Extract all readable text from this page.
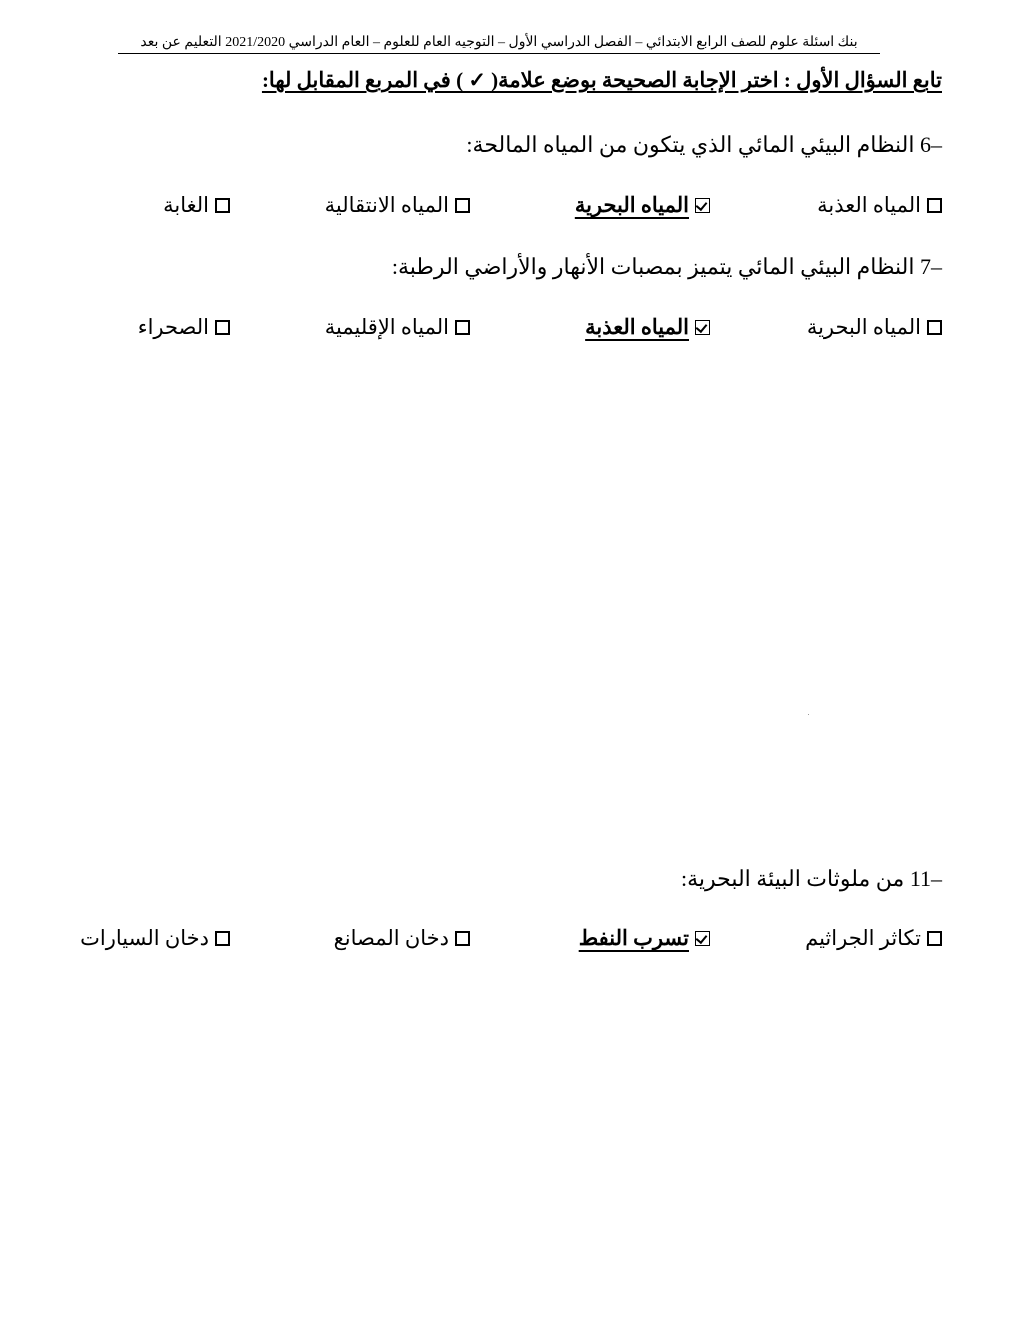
بنك اسئلة علوم للصف الرابع الابتدائي – الفصل الدراسي الأول – التوجيه العام للعلوم – العام الدراسي 2021/2020 التعليم عن بعد
تابع السؤال الأول : اختر الإجابة الصحيحة بوضع علامة( ✓ ) في المربع المقابل لها:
6– النظام البيئي المائي الذي يتكون من المياه المالحة:
المياه العذبة
المياه البحرية
المياه الانتقالية
الغابة
7– النظام البيئي المائي يتميز بمصبات الأنهار والأراضي الرطبة:
المياه البحرية
المياه العذبة
المياه الإقليمية
الصحراء
11– من ملوثات البيئة البحرية:
تكاثر الجراثيم
تسرب النفط
دخان المصانع
دخان السيارات
